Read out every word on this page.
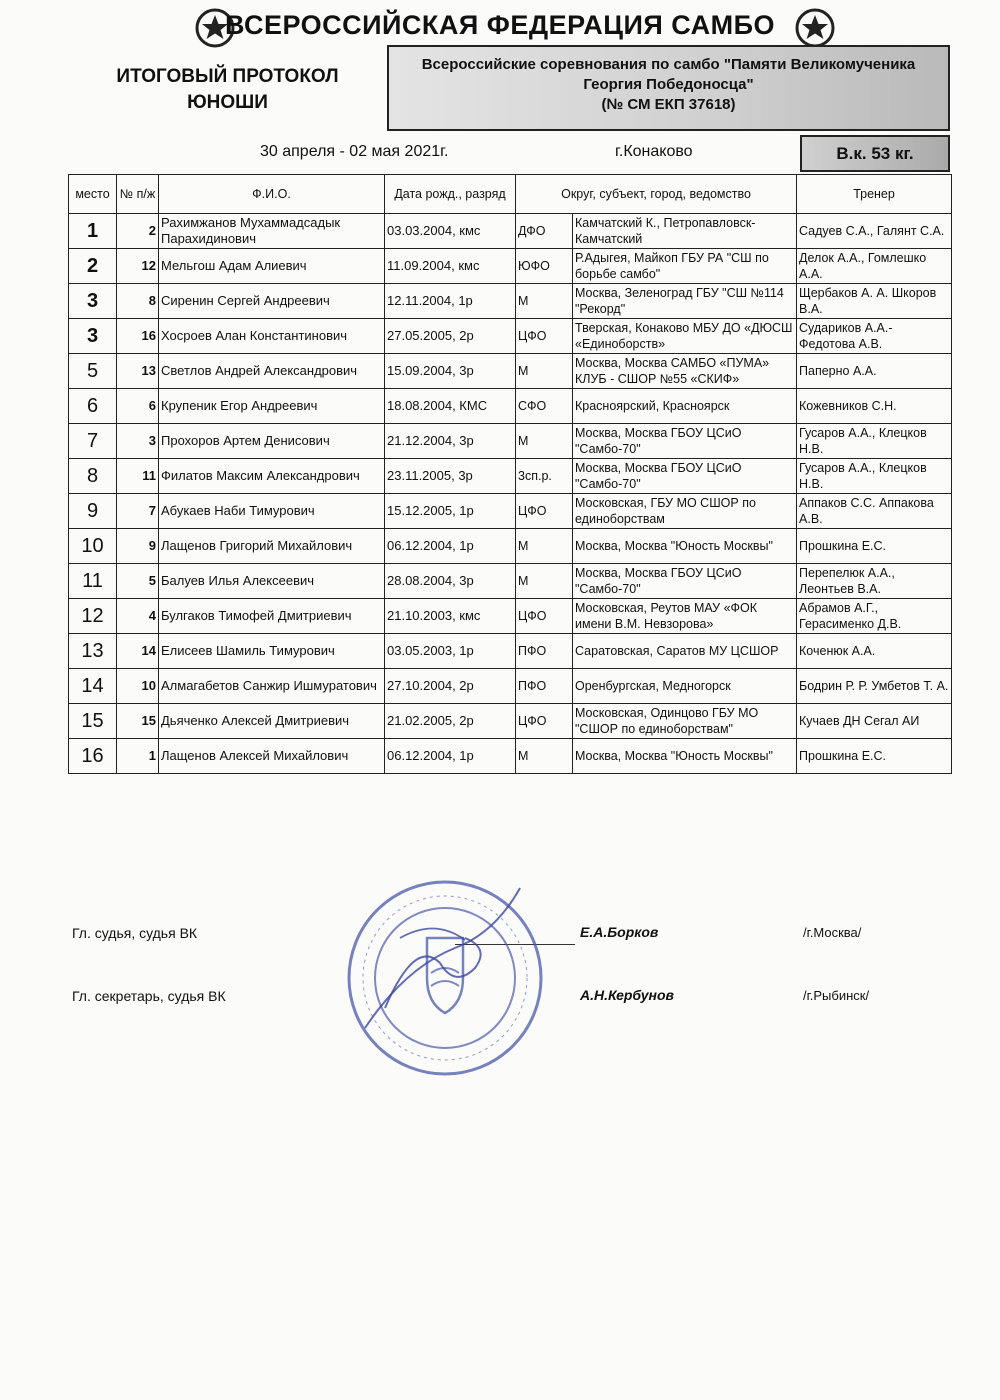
ВСЕРОССИЙСКАЯ ФЕДЕРАЦИЯ САМБО
ИТОГОВЫЙ ПРОТОКОЛ
ЮНОШИ
Всероссийские соревнования по самбо "Памяти Великомученика
Георгия Победоносца"
(№ СМ ЕКП 37618)
30 апреля - 02 мая 2021г.	г.Конаково	В.к. 53 кг.
место	№ п/ж	Ф.И.О.	Дата рожд., разряд	Округ, субъект, город, ведомство		Тренер
1	2	Рахимжанов Мухаммадсадык Парахидинович	03.03.2004, кмс	ДФО	Камчатский К., Петропавловск-Камчатский	Садуев С.А., Галянт С.А.
2	12	Мельгош Адам Алиевич	11.09.2004, кмс	ЮФО	Р.Адыгея, Майкоп ГБУ РА "СШ по борьбе самбо"	Делок А.А., Гомлешко А.А.
3	8	Сиренин Сергей Андреевич	12.11.2004, 1р	М	Москва, Зеленоград ГБУ "СШ №114 "Рекорд"	Щербаков А. А. Шкоров В.А.
3	16	Хосроев Алан Константинович	27.05.2005, 2р	ЦФО	Тверская, Конаково МБУ ДО «ДЮСШ «Единоборств»	Судариков А.А.- Федотова А.В.
5	13	Светлов Андрей Александрович	15.09.2004, 3р	М	Москва, Москва САМБО «ПУМА» КЛУБ - СШОР №55 «СКИФ»	Паперно А.А.
6	6	Крупеник Егор Андреевич	18.08.2004, КМС	СФО	Красноярский, Красноярск	Кожевников С.Н.
7	3	Прохоров Артем Денисович	21.12.2004, 3р	М	Москва, Москва ГБОУ ЦСиО "Самбо-70"	Гусаров А.А., Клецков Н.В.
8	11	Филатов Максим Александрович	23.11.2005, 3р	3сп.р.	Москва, Москва ГБОУ ЦСиО "Самбо-70"	Гусаров А.А., Клецков Н.В.
9	7	Абукаев Наби Тимурович	15.12.2005, 1р	ЦФО	Московская, ГБУ МО СШОР по единоборствам	Аппаков С.С. Аппакова А.В.
10	9	Лащенов Григорий Михайлович	06.12.2004, 1р	М	Москва, Москва "Юность Москвы"	Прошкина Е.С.
11	5	Балуев Илья Алексеевич	28.08.2004, 3р	М	Москва, Москва ГБОУ ЦСиО "Самбо-70"	Перепелюк А.А., Леонтьев В.А.
12	4	Булгаков Тимофей Дмитриевич	21.10.2003, кмс	ЦФО	Московская, Реутов МАУ «ФОК имени В.М. Невзорова»	Абрамов А.Г., Герасименко Д.В.
13	14	Елисеев Шамиль Тимурович	03.05.2003, 1р	ПФО	Саратовская, Саратов МУ ЦСШОР	Коченюк А.А.
14	10	Алмагабетов Санжир Ишмуратович	27.10.2004, 2р	ПФО	Оренбургская, Медногорск	Бодрин Р. Р. Умбетов Т. А.
15	15	Дьяченко Алексей Дмитриевич	21.02.2005, 2р	ЦФО	Московская, Одинцово ГБУ МО "СШОР по единоборствам"	Кучаев ДН Сегал АИ
16	1	Лащенов Алексей Михайлович	06.12.2004, 1р	М	Москва, Москва "Юность Москвы"	Прошкина Е.С.
Гл. судья, судья ВК	Е.А.Борков	/г.Москва/
Гл. секретарь, судья ВК	А.Н.Кербунов	/г.Рыбинск/
